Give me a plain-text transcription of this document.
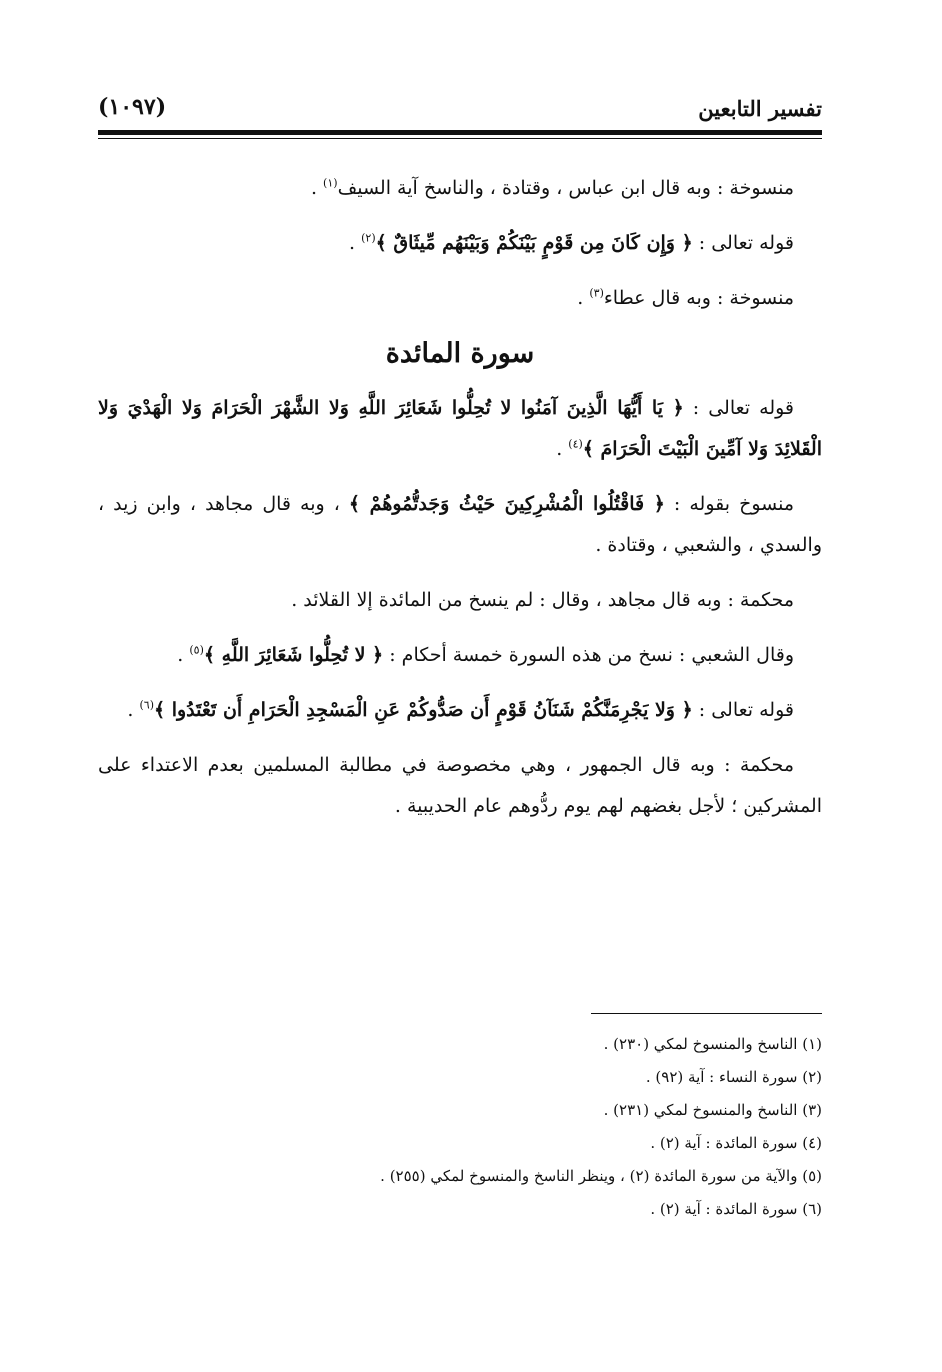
تفسير التابعين
(١٠٩٧)

منسوخة : وبه قال ابن عباس ، وقتادة ، والناسخ آية السيف$^{(١)}$ .

قوله تعالى : ﴿ وَإِن كَانَ مِن قَوْمٍ بَيْنَكُمْ وَبَيْنَهُم مِّيثَاقٌ ﴾$^{(٢)}$ .

منسوخة : وبه قال عطاء$^{(٣)}$ .

سورة المائدة

قوله تعالى : ﴿ يَا أَيُّهَا الَّذِينَ آمَنُوا لا تُحِلُّوا شَعَائِرَ اللَّهِ وَلا الشَّهْرَ الْحَرَامَ وَلا الْهَدْيَ وَلا الْقَلائِدَ وَلا آمِّينَ الْبَيْتَ الْحَرَامَ ﴾$^{(٤)}$ .

منسوخ بقوله : ﴿ فَاقْتُلُوا الْمُشْرِكِينَ حَيْثُ وَجَدتُّمُوهُمْ ﴾ ، وبه قال مجاهد ، وابن زيد ، والسدي ، والشعبي ، وقتادة .

محكمة : وبه قال مجاهد ، وقال : لم ينسخ من المائدة إلا القلائد .

وقال الشعبي : نسخ من هذه السورة خمسة أحكام : ﴿ لا تُحِلُّوا شَعَائِرَ اللَّهِ ﴾$^{(٥)}$ .

قوله تعالى : ﴿ وَلا يَجْرِمَنَّكُمْ شَنَآنُ قَوْمٍ أَن صَدُّوكُمْ عَنِ الْمَسْجِدِ الْحَرَامِ أَن تَعْتَدُوا ﴾$^{(٦)}$ .

محكمة : وبه قال الجمهور ، وهي مخصوصة في مطالبة المسلمين بعدم الاعتداء على المشركين ؛ لأجل بغضهم لهم يوم ردُّوهم عام الحديبية .

(١) الناسخ والمنسوخ لمكي (٢٣٠) .
(٢) سورة النساء : آية (٩٢) .
(٣) الناسخ والمنسوخ لمكي (٢٣١) .
(٤) سورة المائدة : آية (٢) .
(٥) والآية من سورة المائدة (٢) ، وينظر الناسخ والمنسوخ لمكي (٢٥٥) .
(٦) سورة المائدة : آية (٢) .
